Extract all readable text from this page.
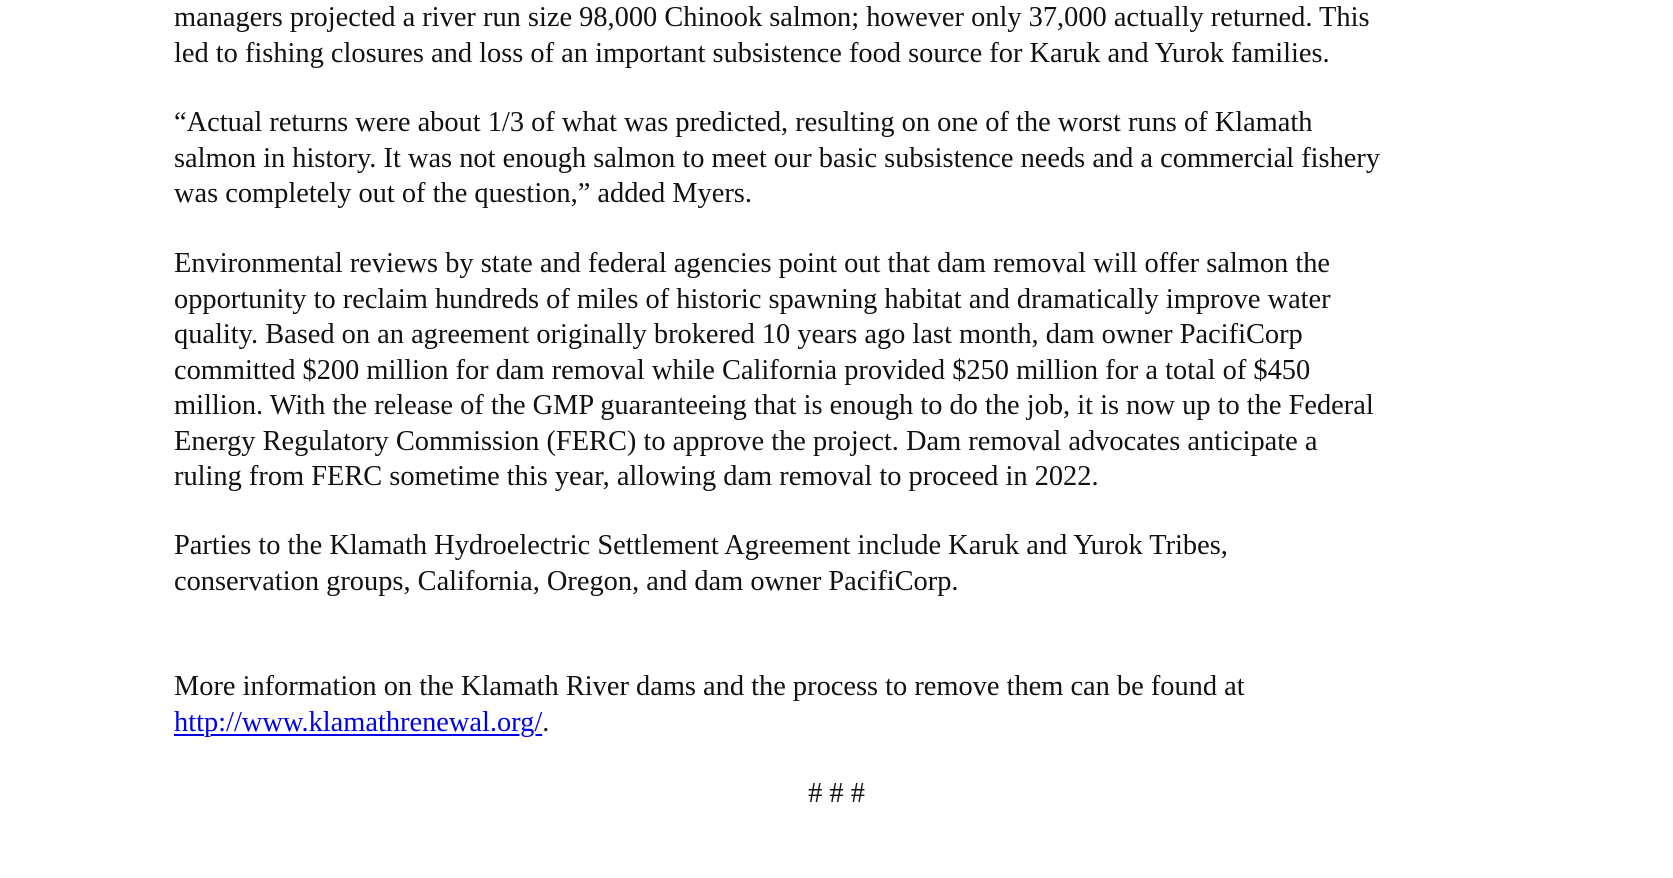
managers projected a river run size 98,000 Chinook salmon; however only 37,000 actually returned. This
led to fishing closures and loss of an important subsistence food source for Karuk and Yurok families.

“Actual returns were about 1/3 of what was predicted, resulting on one of the worst runs of Klamath
salmon in history. It was not enough salmon to meet our basic subsistence needs and a commercial fishery
was completely out of the question,” added Myers.

Environmental reviews by state and federal agencies point out that dam removal will offer salmon the
opportunity to reclaim hundreds of miles of historic spawning habitat and dramatically improve water
quality. Based on an agreement originally brokered 10 years ago last month, dam owner PacifiCorp
committed $200 million for dam removal while California provided $250 million for a total of $450
million. With the release of the GMP guaranteeing that is enough to do the job, it is now up to the Federal
Energy Regulatory Commission (FERC) to approve the project. Dam removal advocates anticipate a
ruling from FERC sometime this year, allowing dam removal to proceed in 2022.

Parties to the Klamath Hydroelectric Settlement Agreement include Karuk and Yurok Tribes,
conservation groups, California, Oregon, and dam owner PacifiCorp.

More information on the Klamath River dams and the process to remove them can be found at
http://www.klamathrenewal.org/.

# # #
